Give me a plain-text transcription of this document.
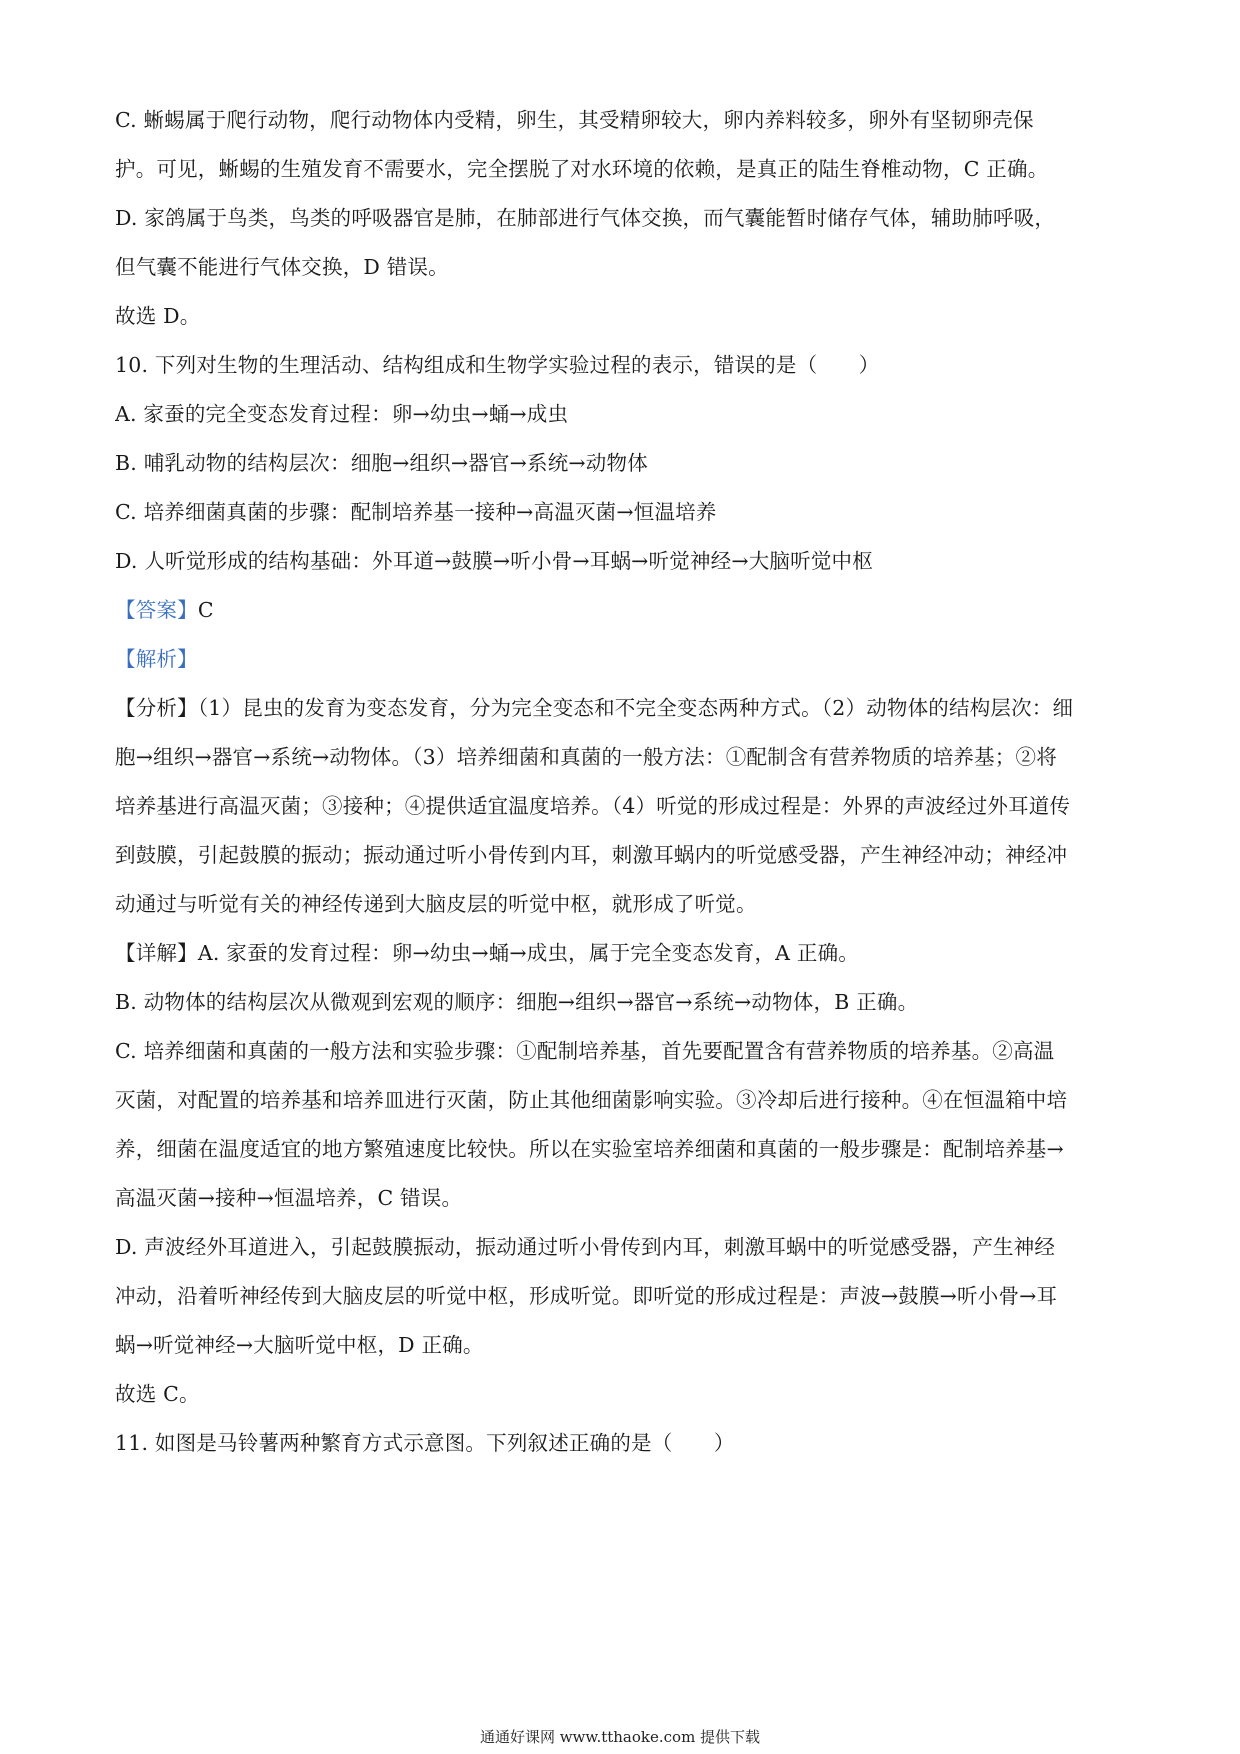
C. 蜥蜴属于爬行动物，爬行动物体内受精，卵生，其受精卵较大，卵内养料较多，卵外有坚韧卵壳保
护。可见，蜥蜴的生殖发育不需要水，完全摆脱了对水环境的依赖，是真正的陆生脊椎动物，C 正确。
D. 家鸽属于鸟类，鸟类的呼吸器官是肺，在肺部进行气体交换，而气囊能暂时储存气体，辅助肺呼吸，
但气囊不能进行气体交换，D 错误。
故选 D。
10. 下列对生物的生理活动、结构组成和生物学实验过程的表示，错误的是（　　）
A. 家蚕的完全变态发育过程：卵→幼虫→蛹→成虫
B. 哺乳动物的结构层次：细胞→组织→器官→系统→动物体
C. 培养细菌真菌的步骤：配制培养基一接种→高温灭菌→恒温培养
D. 人听觉形成的结构基础：外耳道→鼓膜→听小骨→耳蜗→听觉神经→大脑听觉中枢
【答案】C
【解析】
【分析】（1）昆虫的发育为变态发育，分为完全变态和不完全变态两种方式。（2）动物体的结构层次：细
胞→组织→器官→系统→动物体。（3）培养细菌和真菌的一般方法：①配制含有营养物质的培养基；②将
培养基进行高温灭菌；③接种；④提供适宜温度培养。（4）听觉的形成过程是：外界的声波经过外耳道传
到鼓膜，引起鼓膜的振动；振动通过听小骨传到内耳，刺激耳蜗内的听觉感受器，产生神经冲动；神经冲
动通过与听觉有关的神经传递到大脑皮层的听觉中枢，就形成了听觉。
【详解】A. 家蚕的发育过程：卵→幼虫→蛹→成虫，属于完全变态发育，A 正确。
B. 动物体的结构层次从微观到宏观的顺序：细胞→组织→器官→系统→动物体，B 正确。
C. 培养细菌和真菌的一般方法和实验步骤：①配制培养基，首先要配置含有营养物质的培养基。②高温
灭菌，对配置的培养基和培养皿进行灭菌，防止其他细菌影响实验。③冷却后进行接种。④在恒温箱中培
养，细菌在温度适宜的地方繁殖速度比较快。所以在实验室培养细菌和真菌的一般步骤是：配制培养基→
高温灭菌→接种→恒温培养，C 错误。
D. 声波经外耳道进入，引起鼓膜振动，振动通过听小骨传到内耳，刺激耳蜗中的听觉感受器，产生神经
冲动，沿着听神经传到大脑皮层的听觉中枢，形成听觉。即听觉的形成过程是：声波→鼓膜→听小骨→耳
蜗→听觉神经→大脑听觉中枢，D 正确。
故选 C。
11. 如图是马铃薯两种繁育方式示意图。下列叙述正确的是（　　）
通通好课网 www.tthaoke.com 提供下载
